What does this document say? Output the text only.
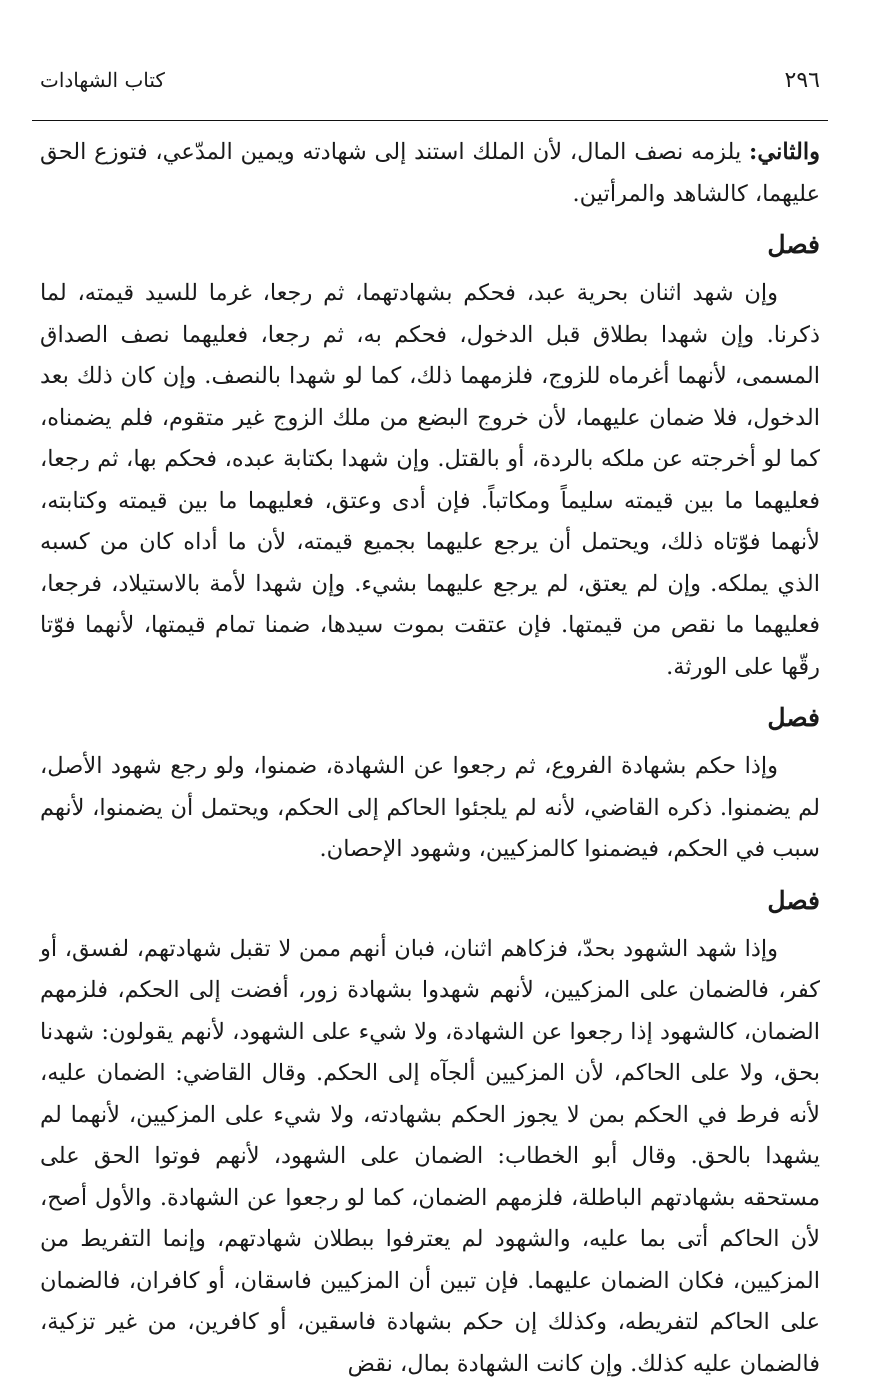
٢٩٦
كتاب الشهادات

والثاني: يلزمه نصف المال، لأن الملك استند إلى شهادته ويمين المدّعي، فتوزع الحق عليهما، كالشاهد والمرأتين.

فصل

وإن شهد اثنان بحرية عبد، فحكم بشهادتهما، ثم رجعا، غرما للسيد قيمته، لما ذكرنا. وإن شهدا بطلاق قبل الدخول، فحكم به، ثم رجعا، فعليهما نصف الصداق المسمى، لأنهما أغرماه للزوج، فلزمهما ذلك، كما لو شهدا بالنصف. وإن كان ذلك بعد الدخول، فلا ضمان عليهما، لأن خروج البضع من ملك الزوج غير متقوم، فلم يضمناه، كما لو أخرجته عن ملكه بالردة، أو بالقتل. وإن شهدا بكتابة عبده، فحكم بها، ثم رجعا، فعليهما ما بين قيمته سليماً ومكاتباً. فإن أدى وعتق، فعليهما ما بين قيمته وكتابته، لأنهما فوّتاه ذلك، ويحتمل أن يرجع عليهما بجميع قيمته، لأن ما أداه كان من كسبه الذي يملكه. وإن لم يعتق، لم يرجع عليهما بشيء. وإن شهدا لأمة بالاستيلاد، فرجعا، فعليهما ما نقص من قيمتها. فإن عتقت بموت سيدها، ضمنا تمام قيمتها، لأنهما فوّتا رقّها على الورثة.

فصل

وإذا حكم بشهادة الفروع، ثم رجعوا عن الشهادة، ضمنوا، ولو رجع شهود الأصل، لم يضمنوا. ذكره القاضي، لأنه لم يلجئوا الحاكم إلى الحكم، ويحتمل أن يضمنوا، لأنهم سبب في الحكم، فيضمنوا كالمزكيين، وشهود الإحصان.

فصل

وإذا شهد الشهود بحدّ، فزكاهم اثنان، فبان أنهم ممن لا تقبل شهادتهم، لفسق، أو كفر، فالضمان على المزكيين، لأنهم شهدوا بشهادة زور، أفضت إلى الحكم، فلزمهم الضمان، كالشهود إذا رجعوا عن الشهادة، ولا شيء على الشهود، لأنهم يقولون: شهدنا بحق، ولا على الحاكم، لأن المزكيين ألجآه إلى الحكم. وقال القاضي: الضمان عليه، لأنه فرط في الحكم بمن لا يجوز الحكم بشهادته، ولا شيء على المزكيين، لأنهما لم يشهدا بالحق. وقال أبو الخطاب: الضمان على الشهود، لأنهم فوتوا الحق على مستحقه بشهادتهم الباطلة، فلزمهم الضمان، كما لو رجعوا عن الشهادة. والأول أصح، لأن الحاكم أتى بما عليه، والشهود لم يعترفوا ببطلان شهادتهم، وإنما التفريط من المزكيين، فكان الضمان عليهما. فإن تبين أن المزكيين فاسقان، أو كافران، فالضمان على الحاكم لتفريطه، وكذلك إن حكم بشهادة فاسقين، أو كافرين، من غير تزكية، فالضمان عليه كذلك. وإن كانت الشهادة بمال، نقض
